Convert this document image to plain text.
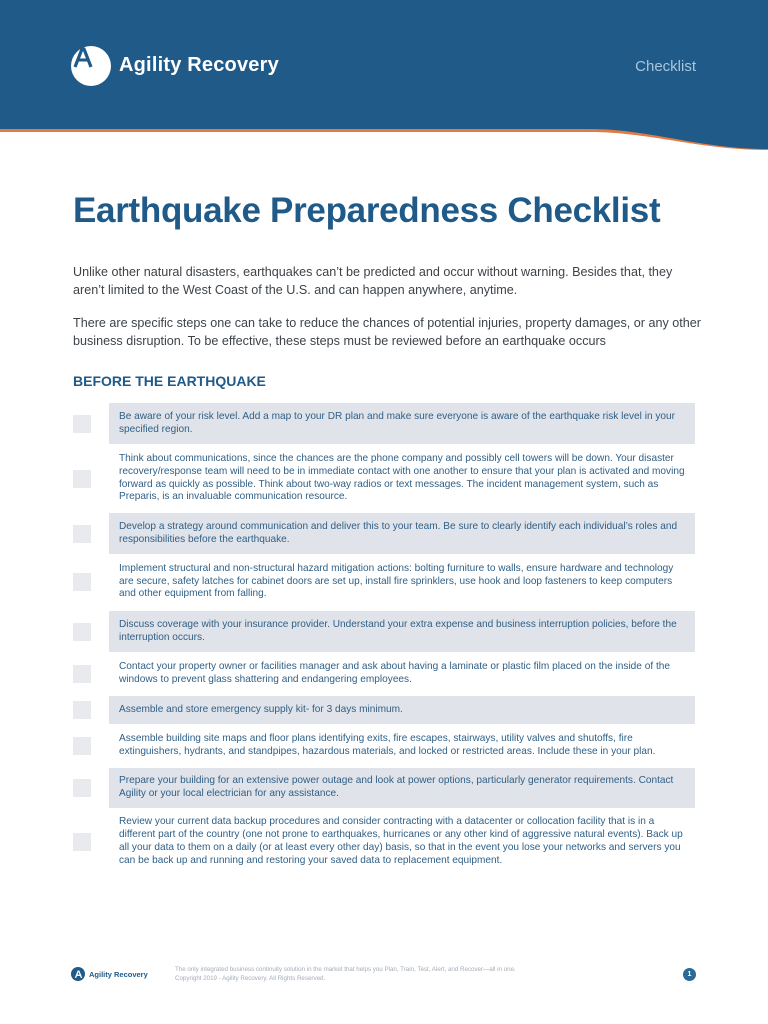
Agility Recovery	Checklist
Earthquake Preparedness Checklist

Unlike other natural disasters, earthquakes can’t be predicted and occur without warning. Besides that, they aren’t limited to the West Coast of the U.S. and can happen anywhere, anytime.

There are specific steps one can take to reduce the chances of potential injuries, property damages, or any other business disruption. To be effective, these steps must be reviewed before an earthquake occurs

BEFORE THE EARTHQUAKE
Be aware of your risk level. Add a map to your DR plan and make sure everyone is aware of the earthquake risk level in your specified region.
Think about communications, since the chances are the phone company and possibly cell towers will be down. Your disaster recovery/response team will need to be in immediate contact with one another to ensure that your plan is activated and moving forward as quickly as possible. Think about two-way radios or text messages. The incident management system, such as Preparis, is an invaluable communication resource.
Develop a strategy around communication and deliver this to your team. Be sure to clearly identify each individual’s roles and responsibilities before the earthquake.
Implement structural and non-structural hazard mitigation actions: bolting furniture to walls, ensure hardware and technology are secure, safety latches for cabinet doors are set up, install fire sprinklers, use hook and loop fasteners to keep computers and other equipment from falling.
Discuss coverage with your insurance provider. Understand your extra expense and business interruption policies, before the interruption occurs.
Contact your property owner or facilities manager and ask about having a laminate or plastic film placed on the inside of the windows to prevent glass shattering and endangering employees.
Assemble and store emergency supply kit- for 3 days minimum.
Assemble building site maps and floor plans identifying exits, fire escapes, stairways, utility valves and shutoffs, fire extinguishers, hydrants, and standpipes, hazardous materials, and locked or restricted areas. Include these in your plan.
Prepare your building for an extensive power outage and look at power options, particularly generator requirements. Contact Agility or your local electrician for any assistance.
Review your current data backup procedures and consider contracting with a datacenter or collocation facility that is in a different part of the country (one not prone to earthquakes, hurricanes or any other kind of aggressive natural events). Back up all your data to them on a daily (or at least every other day) basis, so that in the event you lose your networks and servers you can be back up and running and restoring your saved data to replacement equipment.
Agility Recovery	The only integrated business continuity solution in the market that helps you Plan, Train, Test, Alert, and Recover—all in one.
Copyright 2019 - Agility Recovery. All Rights Reserved.	1
